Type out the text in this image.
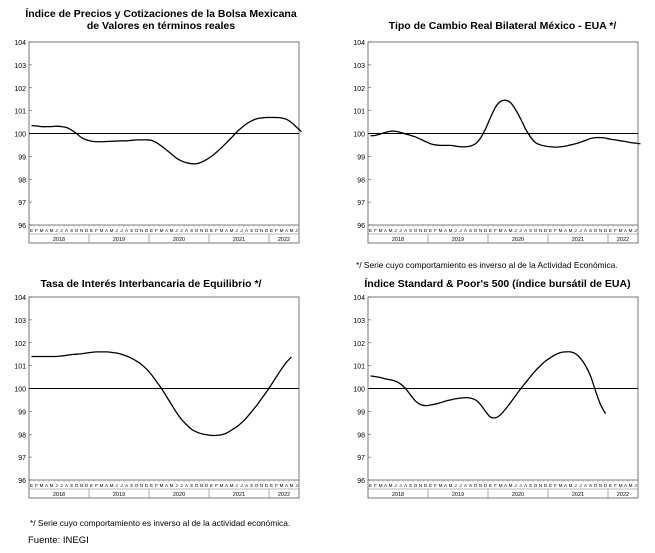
Índice de Precios y Cotizaciones de la Bolsa Mexicana
de Valores en términos reales	Tipo de Cambio Real Bilateral México - EUA */
Tasa de Interés Interbancaria de Equilibrio */	Índice Standard & Poor's 500 (índice bursátil de EUA)
104
103
102
101
100
99
98
97
96
E F M A M J J A S O N D E F M A M J J A S O N D E F M A M J J A S O N D E F M A M J J A S O N D E F M A M J
2018	2019	2020	2021	2022
104
103
102
101
100
99
98
97
96
E F M A M J J A S O N D E F M A M J J A S O N D E F M A M J J A S O N D E F M A M J J A S O N D E F M A M J
2018	2019	2020	2021	2022
104
103
102
101
100
99
98
97
96
E F M A M J J A S O N D E F M A M J J A S O N D E F M A M J J A S O N D E F M A M J J A S O N D E F M A M J
2018	2019	2020	2021	2022
104
103
102
101
100
99
98
97
96
E F M A M J J A S O N D E F M A M J J A S O N D E F M A M J J A S O N D E F M A M J J A S O N D E F M A M J
2018	2019	2020	2021	2022
*/ Serie cuyo comportamiento es inverso al de la Actividad Económica.
*/ Serie cuyo comportamiento es inverso al de la actividad económica.
Fuente: INEGI
